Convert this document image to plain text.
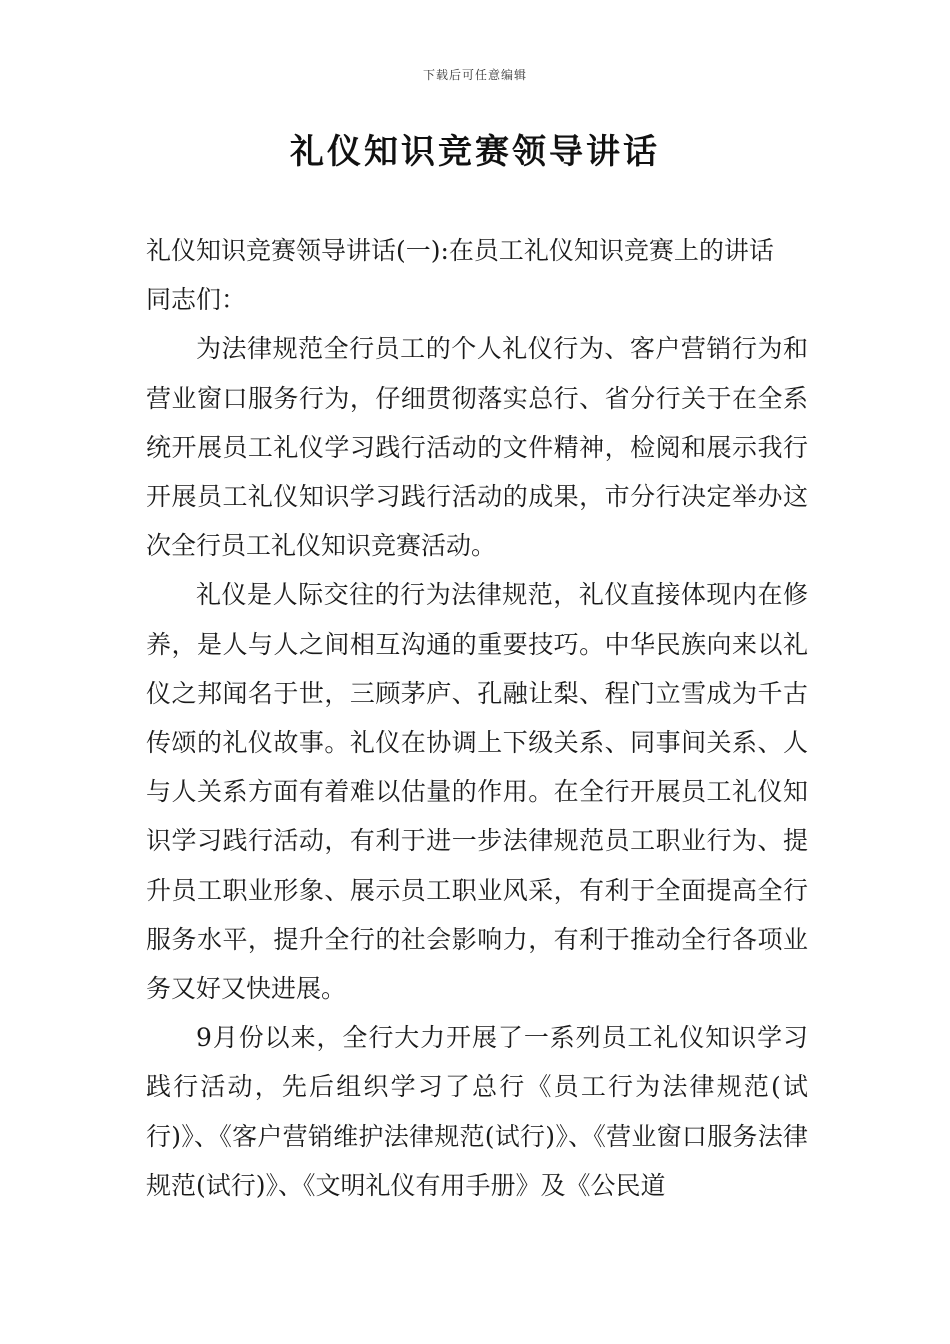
下载后可任意编辑
礼仪知识竞赛领导讲话

礼仪知识竞赛领导讲话(一):在员工礼仪知识竞赛上的讲话

同志们：

为法律规范全行员工的个人礼仪行为、客户营销行为和营业窗口服务行为，仔细贯彻落实总行、省分行关于在全系统开展员工礼仪学习践行活动的文件精神，检阅和展示我行开展员工礼仪知识学习践行活动的成果，市分行决定举办这次全行员工礼仪知识竞赛活动。

礼仪是人际交往的行为法律规范，礼仪直接体现内在修养，是人与人之间相互沟通的重要技巧。中华民族向来以礼仪之邦闻名于世，三顾茅庐、孔融让梨、程门立雪成为千古传颂的礼仪故事。礼仪在协调上下级关系、同事间关系、人与人关系方面有着难以估量的作用。在全行开展员工礼仪知识学习践行活动，有利于进一步法律规范员工职业行为、提升员工职业形象、展示员工职业风采，有利于全面提高全行服务水平，提升全行的社会影响力，有利于推动全行各项业务又好又快进展。

9月份以来，全行大力开展了一系列员工礼仪知识学习践行活动，先后组织学习了总行《员工行为法律规范(试行)》、《客户营销维护法律规范(试行)》、《营业窗口服务法律规范(试行)》、《文明礼仪有用手册》及《公民道
